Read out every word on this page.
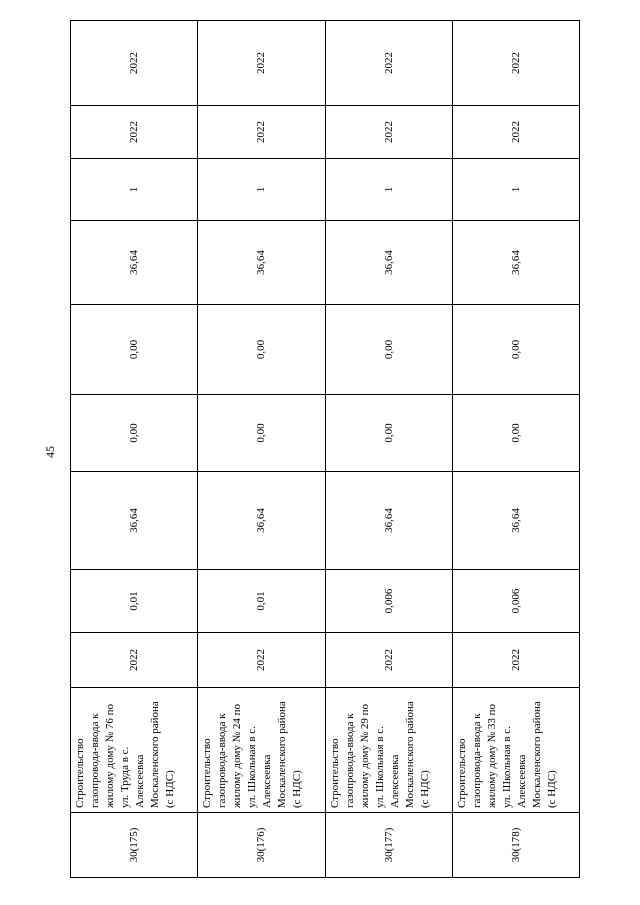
45
30(175)	Строительство газопровода-ввода к жилому дому № 76 по ул. Труда в с. Алексеевка Москаленского района (с НДС)	2022	0,01	36,64	0,00	0,00	36,64	1	2022	2022
30(176)	Строительство газопровода-ввода к жилому дому № 24 по ул. Школьная в с. Алексеевка Москаленского района (с НДС)	2022	0,01	36,64	0,00	0,00	36,64	1	2022	2022
30(177)	Строительство газопровода-ввода к жилому дому № 29 по ул. Школьная в с. Алексеевка Москаленского района (с НДС)	2022	0,006	36,64	0,00	0,00	36,64	1	2022	2022
30(178)	Строительство газопровода-ввода к жилому дому № 33 по ул. Школьная в с. Алексеевка Москаленского района (с НДС)	2022	0,006	36,64	0,00	0,00	36,64	1	2022	2022
